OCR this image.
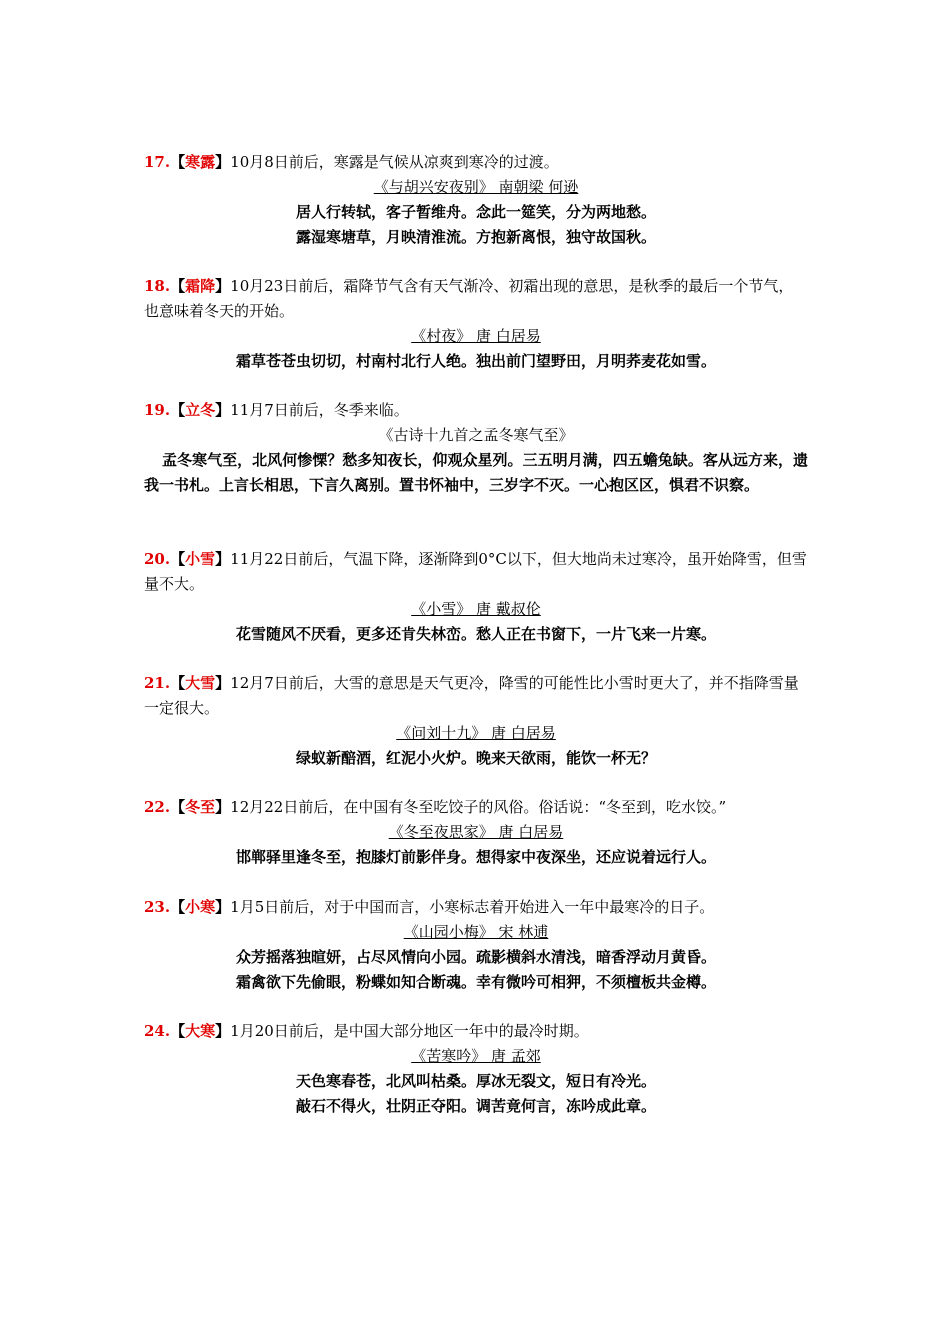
17.【寒露】10月8日前后，寒露是气候从凉爽到寒冷的过渡。

《与胡兴安夜别》 南朝梁 何逊

居人行转轼，客子暂维舟。念此一筵笑，分为两地愁。

露湿寒塘草，月映清淮流。方抱新离恨，独守故国秋。

18.【霜降】10月23日前后，霜降节气含有天气渐冷、初霜出现的意思，是秋季的最后一个节气，也意味着冬天的开始。

《村夜》 唐 白居易

霜草苍苍虫切切，村南村北行人绝。独出前门望野田，月明荞麦花如雪。

19.【立冬】11月7日前后，冬季来临。

《古诗十九首之孟冬寒气至》

孟冬寒气至，北风何惨慄？愁多知夜长，仰观众星列。三五明月满，四五蟾兔缺。客从远方来，遗我一书札。上言长相思，下言久离别。置书怀袖中，三岁字不灭。一心抱区区，惧君不识察。

20.【小雪】11月22日前后，气温下降，逐渐降到0°C以下，但大地尚未过寒冷，虽开始降雪，但雪量不大。

《小雪》 唐 戴叔伦

花雪随风不厌看，更多还肯失林峦。愁人正在书窗下，一片飞来一片寒。

21.【大雪】12月7日前后，大雪的意思是天气更冷，降雪的可能性比小雪时更大了，并不指降雪量一定很大。

《问刘十九》 唐 白居易

绿蚁新醅酒，红泥小火炉。晚来天欲雨，能饮一杯无？

22.【冬至】12月22日前后，在中国有冬至吃饺子的风俗。俗话说：“冬至到，吃水饺。”

《冬至夜思家》 唐 白居易

邯郸驿里逢冬至，抱膝灯前影伴身。想得家中夜深坐，还应说着远行人。

23.【小寒】1月5日前后，对于中国而言，小寒标志着开始进入一年中最寒冷的日子。

《山园小梅》 宋 林逋

众芳摇落独暄妍，占尽风情向小园。疏影横斜水清浅，暗香浮动月黄昏。

霜禽欲下先偷眼，粉蝶如知合断魂。幸有微吟可相狎，不须檀板共金樽。

24.【大寒】1月20日前后，是中国大部分地区一年中的最冷时期。

《苦寒吟》 唐 孟郊

天色寒春苍，北风叫枯桑。厚冰无裂文，短日有冷光。

敲石不得火，壮阴正夺阳。调苦竟何言，冻吟成此章。
